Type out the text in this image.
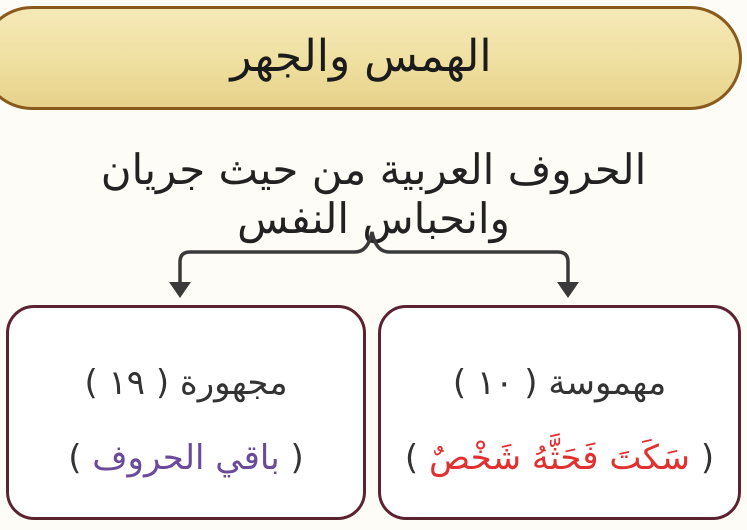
الهمس والجهر
الحروف العربية من حيث جريان وانحباس النفس
مجهورة ( ١٩ )
( باقي الحروف )
مهموسة ( ١٠ )
( سَكَتَ فَحَثَّهُ شَخْصٌ )
